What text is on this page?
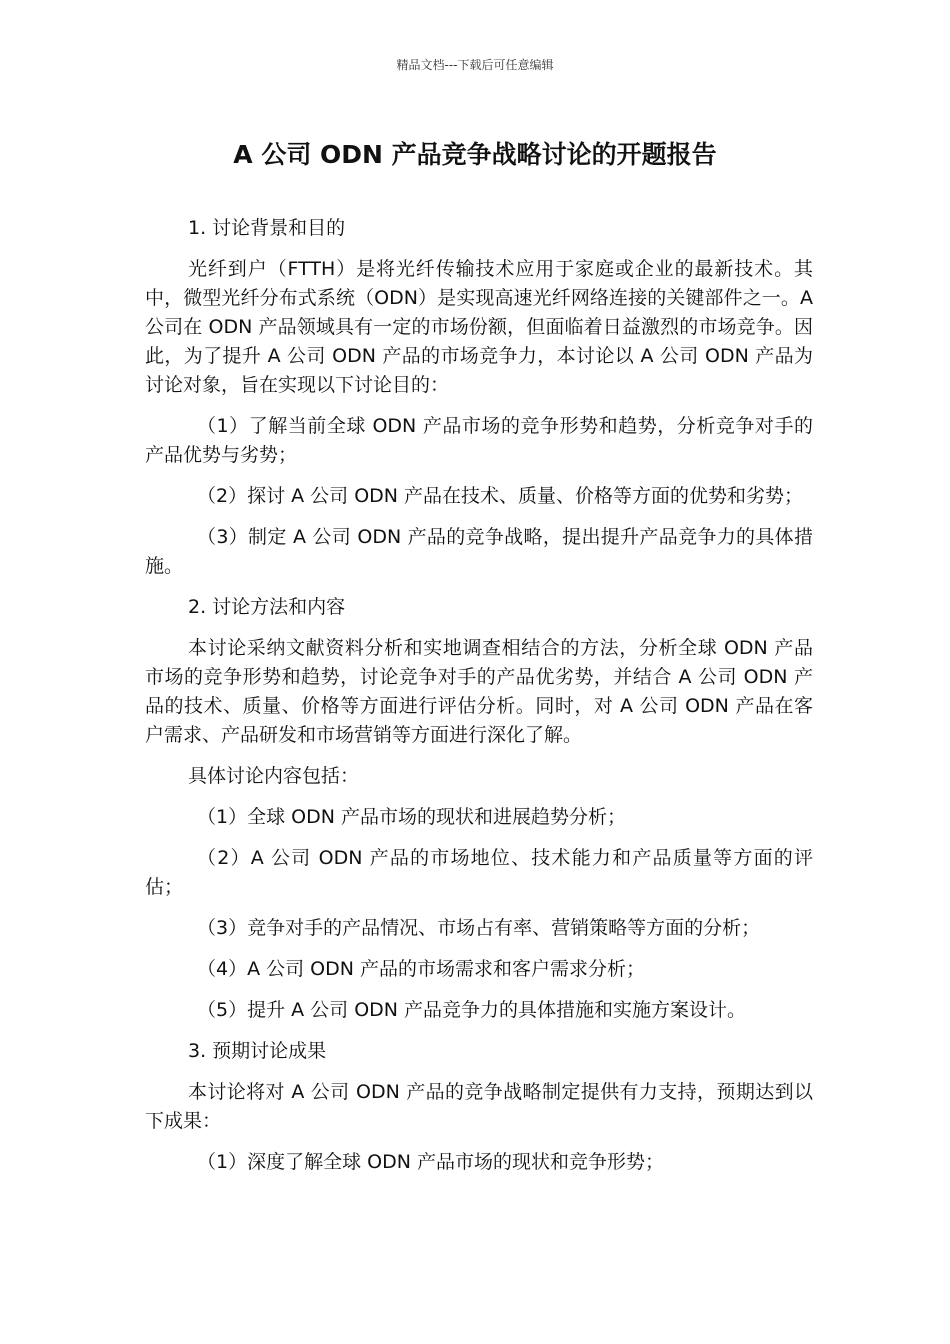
精品文档---下载后可任意编辑
A 公司 ODN 产品竞争战略讨论的开题报告

1. 讨论背景和目的

光纤到户（FTTH）是将光纤传输技术应用于家庭或企业的最新技术。其中，微型光纤分布式系统（ODN）是实现高速光纤网络连接的关键部件之一。A 公司在 ODN 产品领域具有一定的市场份额，但面临着日益激烈的市场竞争。因此，为了提升 A 公司 ODN 产品的市场竞争力，本讨论以 A 公司 ODN 产品为讨论对象，旨在实现以下讨论目的：

（1）了解当前全球 ODN 产品市场的竞争形势和趋势，分析竞争对手的产品优势与劣势；

（2）探讨 A 公司 ODN 产品在技术、质量、价格等方面的优势和劣势；

（3）制定 A 公司 ODN 产品的竞争战略，提出提升产品竞争力的具体措施。

2. 讨论方法和内容

本讨论采纳文献资料分析和实地调查相结合的方法，分析全球 ODN 产品市场的竞争形势和趋势，讨论竞争对手的产品优劣势，并结合 A 公司 ODN 产品的技术、质量、价格等方面进行评估分析。同时，对 A 公司 ODN 产品在客户需求、产品研发和市场营销等方面进行深化了解。

具体讨论内容包括：

（1）全球 ODN 产品市场的现状和进展趋势分析；

（2）A 公司 ODN 产品的市场地位、技术能力和产品质量等方面的评估；

（3）竞争对手的产品情况、市场占有率、营销策略等方面的分析；

（4）A 公司 ODN 产品的市场需求和客户需求分析；

（5）提升 A 公司 ODN 产品竞争力的具体措施和实施方案设计。

3. 预期讨论成果

本讨论将对 A 公司 ODN 产品的竞争战略制定提供有力支持，预期达到以下成果：

（1）深度了解全球 ODN 产品市场的现状和竞争形势；
